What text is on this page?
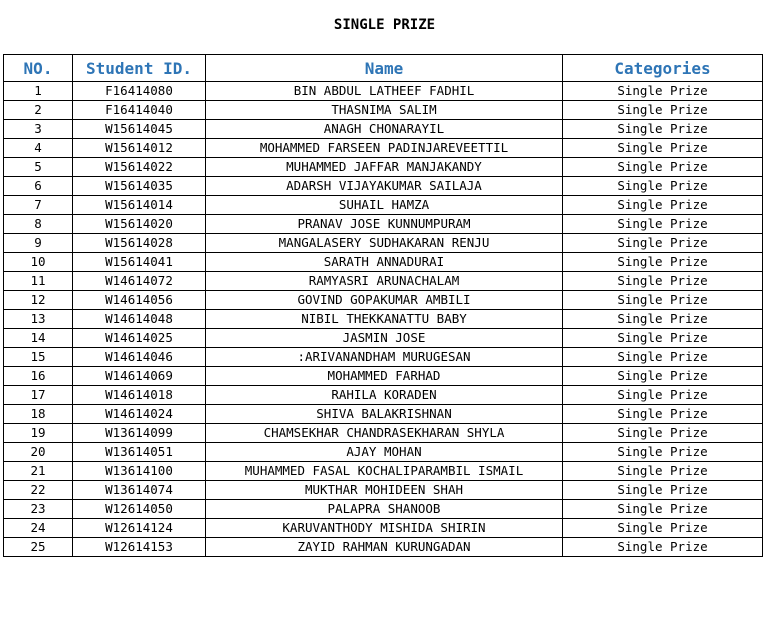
SINGLE PRIZE
NO.	Student ID.	Name	Categories
1	F16414080	BIN ABDUL LATHEEF FADHIL	Single Prize
2	F16414040	THASNIMA SALIM	Single Prize
3	W15614045	ANAGH CHONARAYIL	Single Prize
4	W15614012	MOHAMMED FARSEEN PADINJAREVEETTIL	Single Prize
5	W15614022	MUHAMMED JAFFAR MANJAKANDY	Single Prize
6	W15614035	ADARSH VIJAYAKUMAR SAILAJA	Single Prize
7	W15614014	SUHAIL HAMZA	Single Prize
8	W15614020	PRANAV JOSE KUNNUMPURAM	Single Prize
9	W15614028	MANGALASERY SUDHAKARAN RENJU	Single Prize
10	W15614041	SARATH ANNADURAI	Single Prize
11	W14614072	RAMYASRI ARUNACHALAM	Single Prize
12	W14614056	GOVIND GOPAKUMAR AMBILI	Single Prize
13	W14614048	NIBIL THEKKANATTU BABY	Single Prize
14	W14614025	JASMIN JOSE	Single Prize
15	W14614046	:ARIVANANDHAM MURUGESAN	Single Prize
16	W14614069	MOHAMMED FARHAD	Single Prize
17	W14614018	RAHILA KORADEN	Single Prize
18	W14614024	SHIVA BALAKRISHNAN	Single Prize
19	W13614099	CHAMSEKHAR CHANDRASEKHARAN SHYLA	Single Prize
20	W13614051	AJAY MOHAN	Single Prize
21	W13614100	MUHAMMED FASAL KOCHALIPARAMBIL ISMAIL	Single Prize
22	W13614074	MUKTHAR MOHIDEEN SHAH	Single Prize
23	W12614050	PALAPRA SHANOOB	Single Prize
24	W12614124	KARUVANTHODY MISHIDA SHIRIN	Single Prize
25	W12614153	ZAYID RAHMAN KURUNGADAN	Single Prize
